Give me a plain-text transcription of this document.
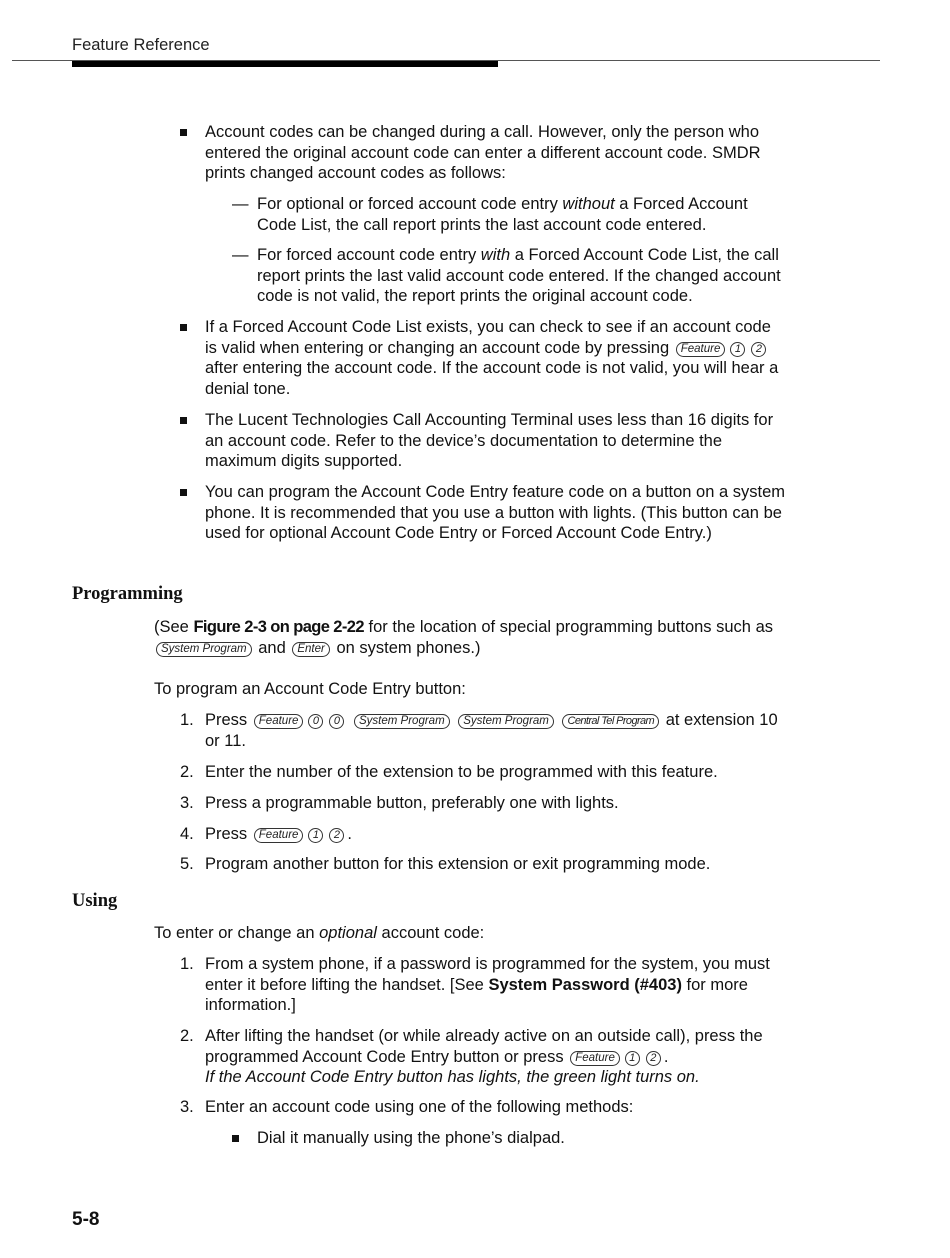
Feature Reference
Account codes can be changed during a call. However, only the person who entered the original account code can enter a different account code. SMDR prints changed account codes as follows:
— For optional or forced account code entry without a Forced Account Code List, the call report prints the last account code entered.
— For forced account code entry with a Forced Account Code List, the call report prints the last valid account code entered. If the changed account code is not valid, the report prints the original account code.
If a Forced Account Code List exists, you can check to see if an account code is valid when entering or changing an account code by pressing Feature 1 2 after entering the account code. If the account code is not valid, you will hear a denial tone.
The Lucent Technologies Call Accounting Terminal uses less than 16 digits for an account code. Refer to the device’s documentation to determine the maximum digits supported.
You can program the Account Code Entry feature code on a button on a system phone. It is recommended that you use a button with lights. (This button can be used for optional Account Code Entry or Forced Account Code Entry.)
Programming
(See Figure 2-3 on page 2-22 for the location of special programming buttons such as System Program and Enter on system phones.)
To program an Account Code Entry button:
1. Press Feature 0 0 System Program System Program Central Tel Program at extension 10 or 11.
2. Enter the number of the extension to be programmed with this feature.
3. Press a programmable button, preferably one with lights.
4. Press Feature 1 2 .
5. Program another button for this extension or exit programming mode.
Using
To enter or change an optional account code:
1. From a system phone, if a password is programmed for the system, you must enter it before lifting the handset. [See System Password (#403) for more information.]
2. After lifting the handset (or while already active on an outside call), press the programmed Account Code Entry button or press Feature 1 2 .
If the Account Code Entry button has lights, the green light turns on.
3. Enter an account code using one of the following methods:
Dial it manually using the phone’s dialpad.
5-8
